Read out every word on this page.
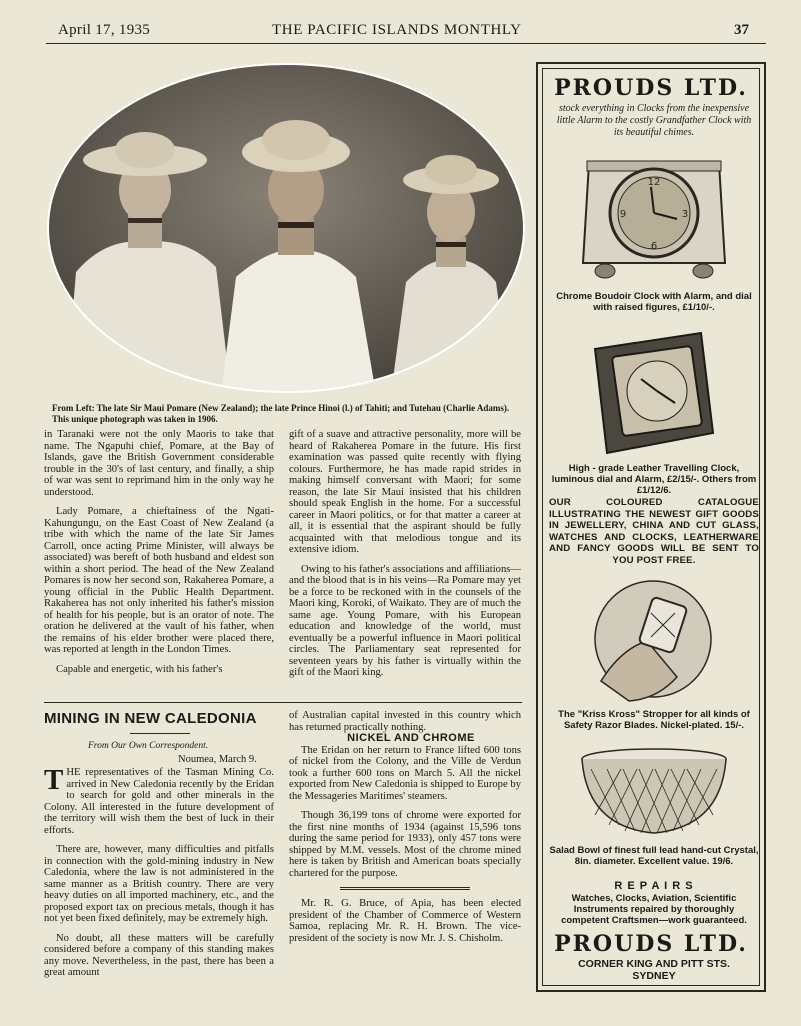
April 17, 1935	THE PACIFIC ISLANDS MONTHLY	37
From Left: The late Sir Maui Pomare (New Zealand); the late Prince Hinoi (l.) of Tahiti; and Tutehau (Charlie Adams). This unique photograph was taken in 1906.

in Taranaki were not the only Maoris to take that name. The Ngapuhi chief, Pomare, at the Bay of Islands, gave the British Government considerable trouble in the 30's of last century, and finally, a ship of war was sent to reprimand him in the only way he understood.

Lady Pomare, a chieftainess of the Ngati-Kahungungu, on the East Coast of New Zealand (a tribe with which the name of the late Sir James Carroll, once acting Prime Minister, will always be associated) was bereft of both husband and eldest son within a short period. The head of the New Zealand Pomares is now her second son, Rakaherea Pomare, a young official in the Public Health Department. Rakaherea has not only inherited his father's mission of health for his people, but is an orator of note. The oration he delivered at the vault of his father, when the remains of his elder brother were placed there, was reported at length in the London Times.

Capable and energetic, with his father's

gift of a suave and attractive personality, more will be heard of Rakaherea Pomare in the future. His first examination was passed quite recently with flying colours. Furthermore, he has made rapid strides in making himself conversant with Maori; for some reason, the late Sir Maui insisted that his children should speak English in the home. For a successful career in Maori politics, or for that matter a career at all, it is essential that the aspirant should be fully acquainted with that melodious tongue and its extensive idiom.

Owing to his father's associations and affiliations—and the blood that is in his veins—Ra Pomare may yet be a force to be reckoned with in the counsels of the Maori king, Koroki, of Waikato. They are of much the same age. Young Pomare, with his European education and knowledge of the world, must eventually be a powerful influence in Maori political circles. The Parliamentary seat represented for seventeen years by his father is virtually within the gift of the Maori king.

MINING IN NEW CALEDONIA
From Our Own Correspondent.
Noumea, March 9.

THE representatives of the Tasman Mining Co. arrived in New Caledonia recently by the Eridan to search for gold and other minerals in the Colony. All interested in the future development of the territory will wish them the best of luck in their efforts.

There are, however, many difficulties and pitfalls in connection with the gold-mining industry in New Caledonia, where the law is not administered in the same manner as a British country. There are very heavy duties on all imported machinery, etc., and the proposed export tax on precious metals, though it has not yet been fixed definitely, may be extremely high.

No doubt, all these matters will be carefully considered before a company of this standing makes any move. Nevertheless, in the past, there has been a great amount

of Australian capital invested in this country which has returned practically nothing.

NICKEL AND CHROME

The Eridan on her return to France lifted 600 tons of nickel from the Colony, and the Ville de Verdun took a further 600 tons on March 5. All the nickel exported from New Caledonia is shipped to Europe by the Messageries Maritimes' steamers.

Though 36,199 tons of chrome were exported for the first nine months of 1934 (against 15,596 tons during the same period for 1933), only 457 tons were shipped by M.M. vessels. Most of the chrome mined here is taken by British and American boats specially chartered for the purpose.

Mr. R. G. Bruce, of Apia, has been elected president of the Chamber of Commerce of Western Samoa, replacing Mr. R. H. Brown. The vice-president of the society is now Mr. J. S. Chisholm.

PROUDS LTD.
stock everything in Clocks from the inexpensive little Alarm to the costly Grandfather Clock with its beautiful chimes.
12
3
6
9
Chrome Boudoir Clock with Alarm, and dial with raised figures, £1/10/-.
High - grade Leather Travelling Clock, luminous dial and Alarm, £2/15/-. Others from £1/12/6.
OUR COLOURED CATALOGUE ILLUSTRATING THE NEWEST GIFT GOODS IN JEWELLERY, CHINA AND CUT GLASS, WATCHES AND CLOCKS, LEATHERWARE AND FANCY GOODS WILL BE SENT TO YOU POST FREE.
The "Kriss Kross" Stropper for all kinds of Safety Razor Blades. Nickel-plated. 15/-.
Salad Bowl of finest full lead hand-cut Crystal, 8in. diameter. Excellent value. 19/6.
R E P A I R S
Watches, Clocks, Aviation, Scientific Instruments repaired by thoroughly competent Craftsmen—work guaranteed.
PROUDS LTD.
CORNER KING AND PITT STS.
SYDNEY
